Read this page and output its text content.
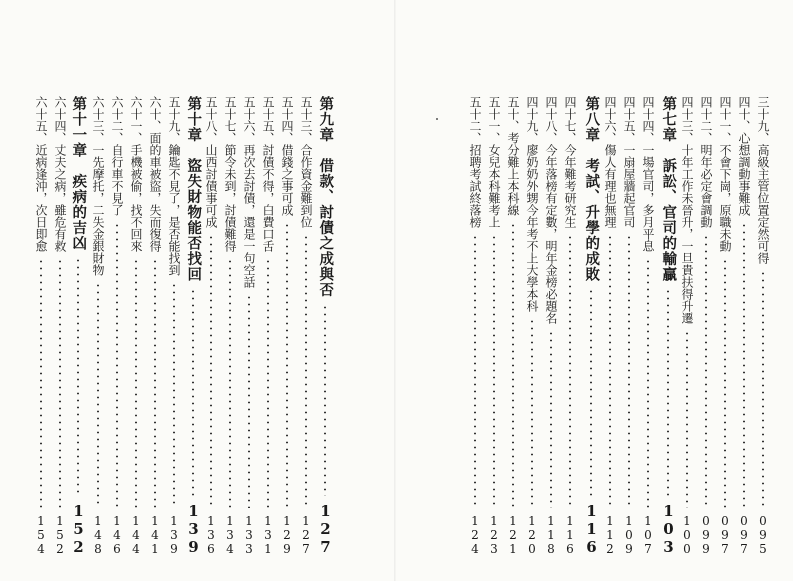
三十九、高級主管位置定然可得
095
四十、心想調動事難成
097
四十一、不會下崗，原職未動
097
四十二、明年必定會調動
099
四十三、十年工作未晉升，一旦貴扶得升遷
100
第七章　訴訟、官司的輸贏
103
四十四、一場官司，多月平息
107
四十五、一扇屋牆起官司
109
四十六、傷人有理也無理
112
第八章　考試、升學的成敗
116
四十七、今年難考研究生
116
四十八、今年落榜有定數，明年金榜必題名
118
四十九、廖奶奶外甥今年考不上大學本科
120
五十、考分難上本科線
121
五十一、女兒本科難考上
123
五十二、招聘考試終落榜
124
第九章　借款、討債之成與否
127
五十三、合作資金難到位
127
五十四、借錢之事可成
129
五十五、討債不得，白費口舌
131
五十六、再次去討債，還是一句空話
133
五十七、節令未到，討債難得
134
五十八、山西討債事可成
136
第十章　盜失財物能否找回
139
五十九、鑰匙不見了，是否能找到
139
六十、面的車被盜，失而復得
141
六十一、手機被偷，找不回來
144
六十二、自行車不見了
146
六十三、一先摩托，二失金銀財物
148
第十一章　疾病的吉凶
152
六十四、丈夫之病，雖危有救
152
六十五、近病逢沖，次日即愈
154
